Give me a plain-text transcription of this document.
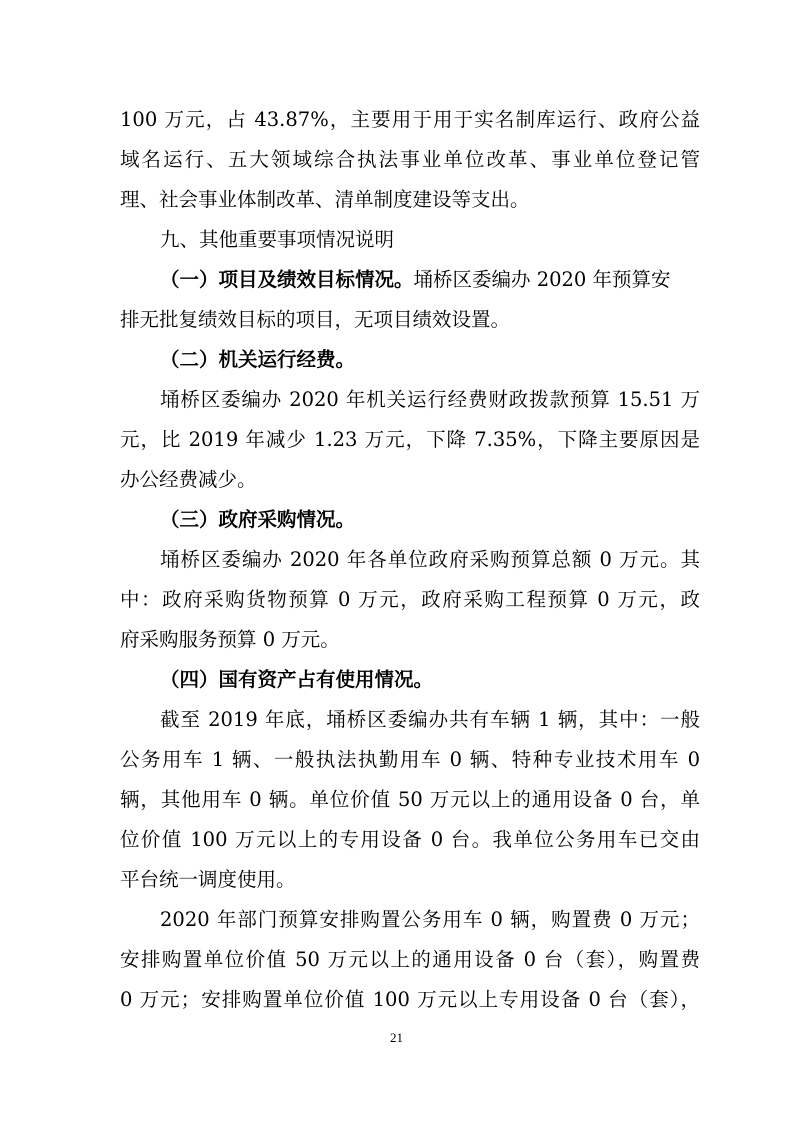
100 万元，占 43.87%，主要用于用于实名制库运行、政府公益
域名运行、五大领域综合执法事业单位改革、事业单位登记管
理、社会事业体制改革、清单制度建设等支出。
九、其他重要事项情况说明
（一）项目及绩效目标情况。埇桥区委编办 2020 年预算安
排无批复绩效目标的项目，无项目绩效设置。
（二）机关运行经费。
埇桥区委编办 2020 年机关运行经费财政拨款预算 15.51 万
元，比 2019 年减少 1.23 万元，下降 7.35%，下降主要原因是
办公经费减少。
（三）政府采购情况。
埇桥区委编办 2020 年各单位政府采购预算总额 0 万元。其
中：政府采购货物预算 0 万元，政府采购工程预算 0 万元，政
府采购服务预算 0 万元。
（四）国有资产占有使用情况。
截至 2019 年底，埇桥区委编办共有车辆 1 辆，其中：一般
公务用车 1 辆、一般执法执勤用车 0 辆、特种专业技术用车 0
辆，其他用车 0 辆。单位价值 50 万元以上的通用设备 0 台，单
位价值 100 万元以上的专用设备 0 台。我单位公务用车已交由
平台统一调度使用。
2020 年部门预算安排购置公务用车 0 辆，购置费 0 万元；
安排购置单位价值 50 万元以上的通用设备 0 台（套），购置费
0 万元；安排购置单位价值 100 万元以上专用设备 0 台（套），
21
